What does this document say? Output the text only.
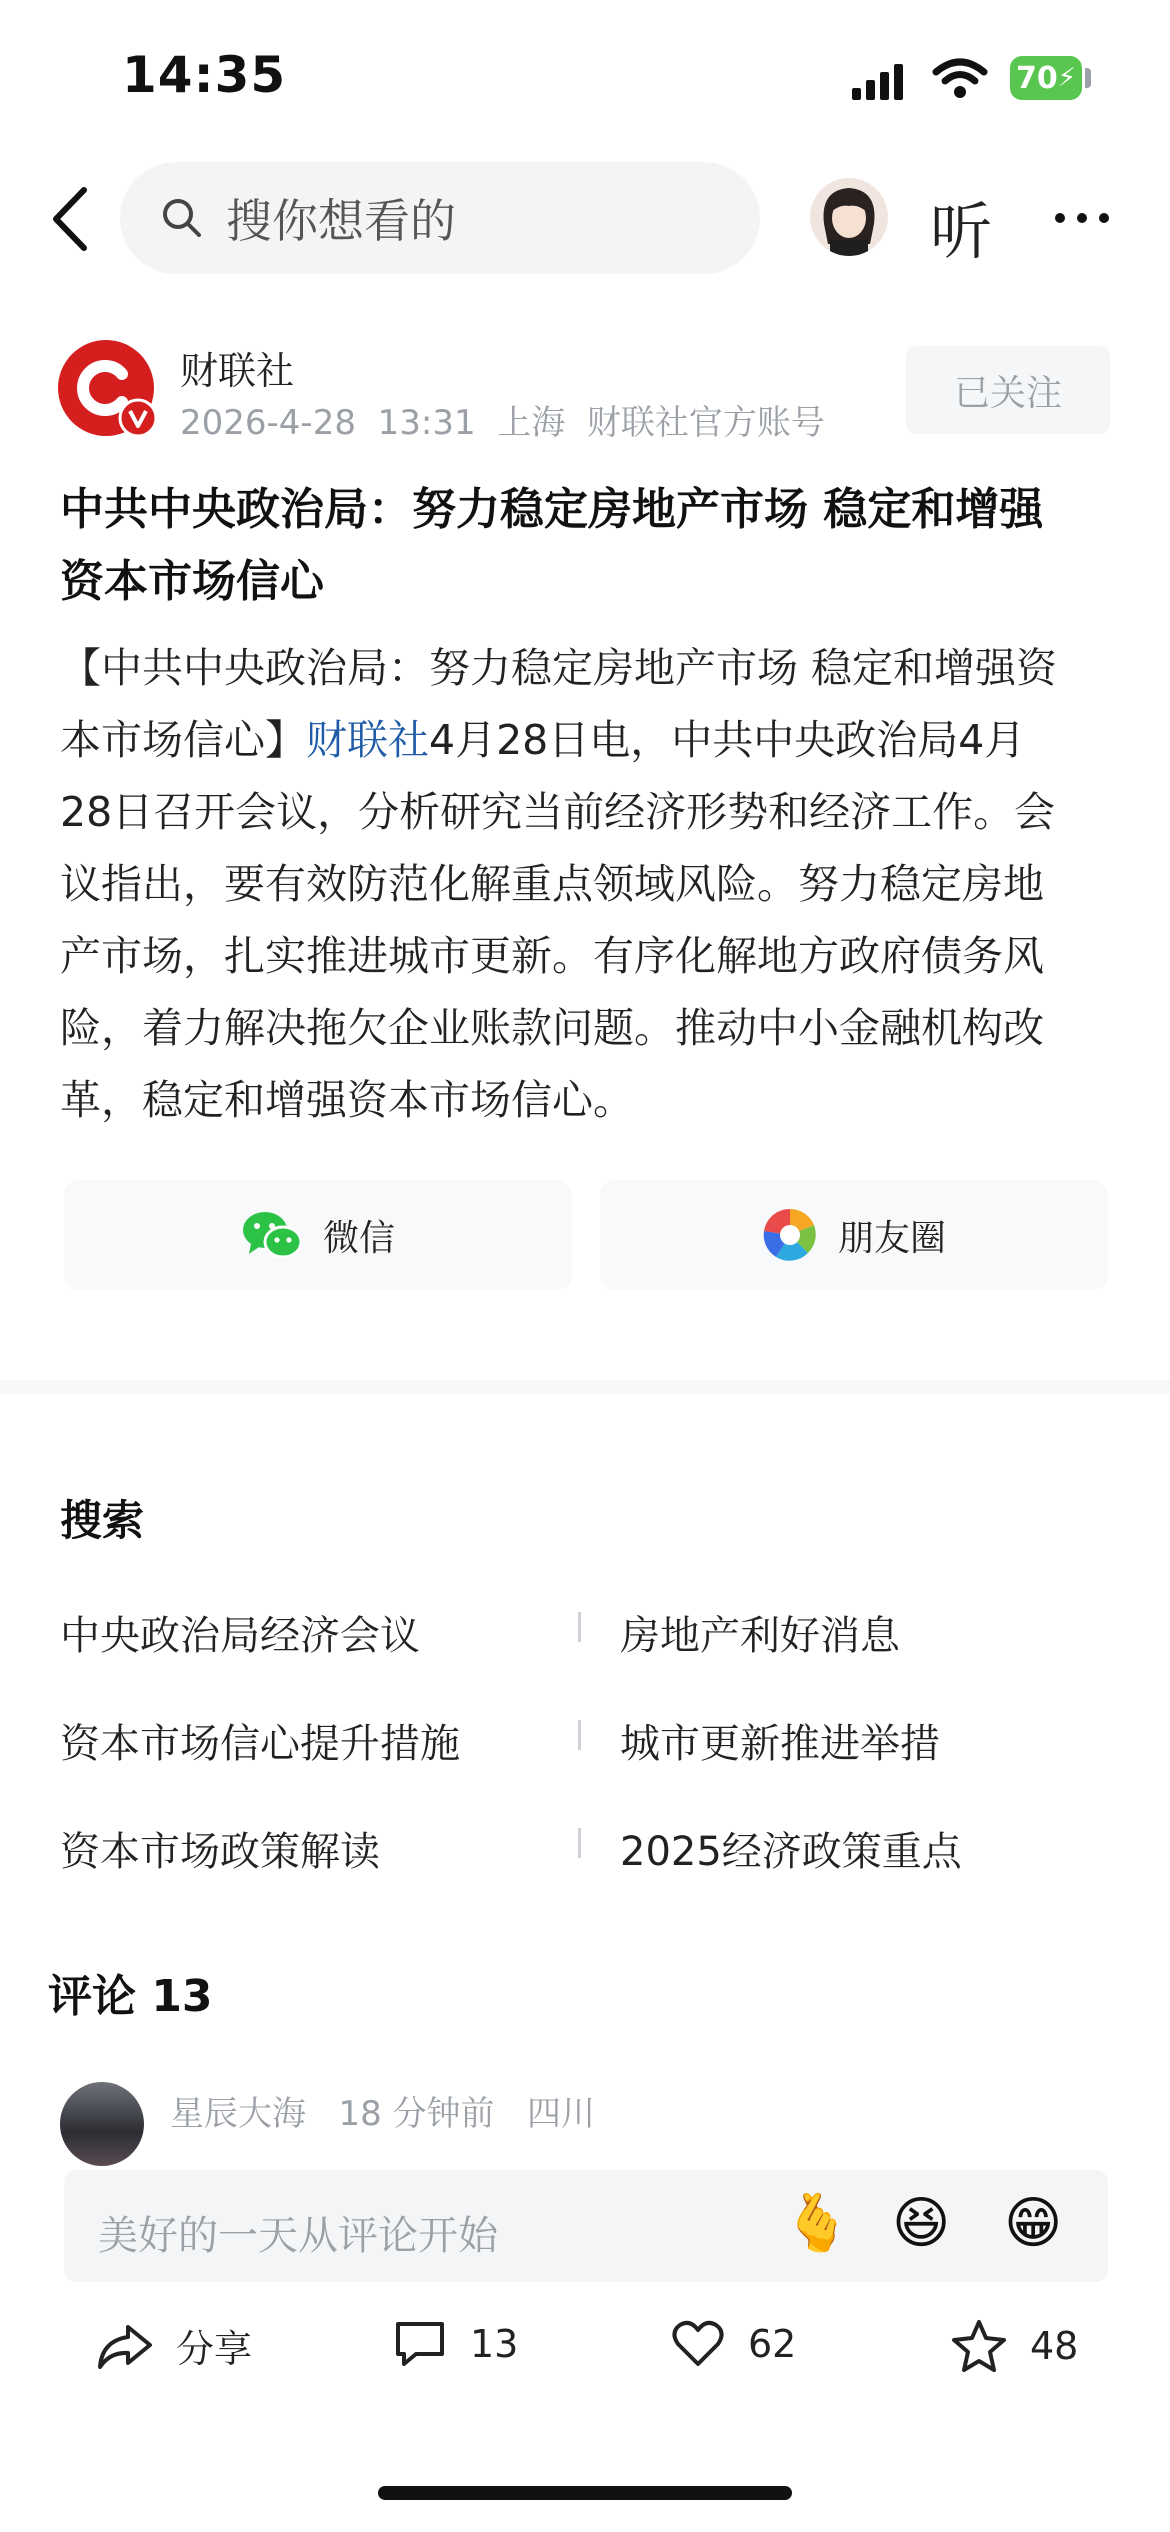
14:35	70 ⚡
搜你想看的	听
财联社
2026-4-28 13:31 上海 财联社官方账号
已关注
中共中央政治局：努力稳定房地产市场 稳定和增强
资本市场信心
【中共中央政治局：努力稳定房地产市场 稳定和增强资
本市场信心】财联社4月28日电，中共中央政治局4月
28日召开会议，分析研究当前经济形势和经济工作。会
议指出，要有效防范化解重点领域风险。努力稳定房地
产市场，扎实推进城市更新。有序化解地方政府债务风
险，着力解决拖欠企业账款问题。推动中小金融机构改
革，稳定和增强资本市场信心。
微信	朋友圈
搜索
中央政治局经济会议	房地产利好消息
资本市场信心提升措施	城市更新推进举措
资本市场政策解读	2025经济政策重点
评论 13
星辰大海 18 分钟前 四川
美好的一天从评论开始	🫰 😆 😁
分享	13	62	48
